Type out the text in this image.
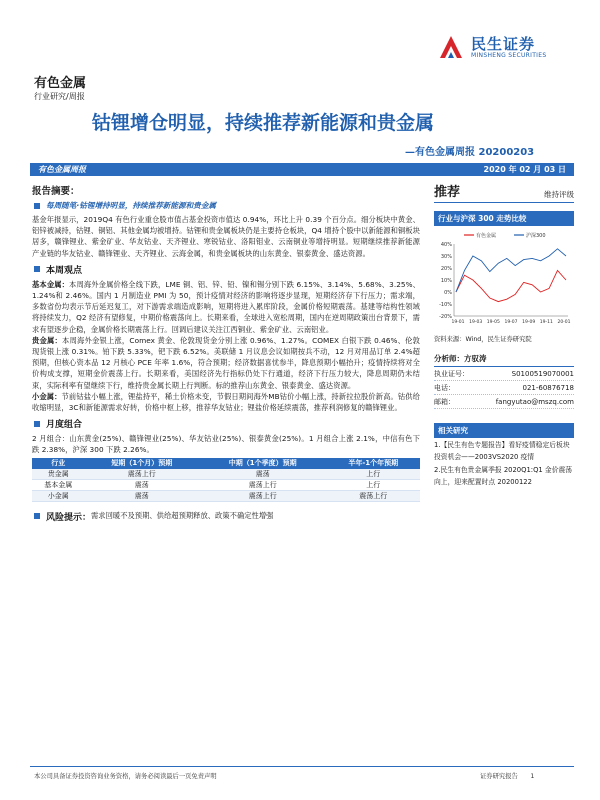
民生证券
MINSHENG SECURITIES
有色金属
行业研究/周报
钴锂增仓明显，持续推荐新能源和贵金属
—有色金属周报 20200203
有色金属周报	2020 年 02 月 03 日
报告摘要：
每周随笔·钴锂增持明显，持续推荐新能源和贵金属

基金年报显示，2019Q4 有色行业重仓股市值占基金投资市值达 0.94%，环比上升 0.39 个百分点。细分板块中黄金、铝锌被减持，钴锂、铜铝、其他金属均被增持。钴锂和贵金属板块仍是主要持仓板块，Q4 增持个股中以新能源和铜板块居多，赣锋锂业、紫金矿业、华友钴业、天齐锂业、寒锐钴业、洛阳钼业、云南铜业等增持明显。短期继续推荐新能源产业链的华友钴业、赣锋锂业、天齐锂业、云海金属，和贵金属板块的山东黄金、银泰黄金、盛达资源。

本周观点

基本金属：本周海外金属价格全线下跌，LME 铜、铝、锌、铅、镍和锡分别下跌 6.15%、3.14%、5.68%、3.25%、1.24%和 2.46%。国内 1 月制造业 PMI 为 50，预计疫情对经济的影响将逐步显现，短期经济存下行压力；需求端，多数省份均表示节后延迟复工，对下游需求端造成影响，短期将进入累库阶段，金属价格短期震荡。基建等结构性领域将持续发力，Q2 经济有望修复，中期价格震荡向上。长期来看，全球进入宽松周期，国内在逆周期政策出台背景下，需求有望逐步企稳，金属价格长期震荡上行。回调后建议关注江西铜业、紫金矿业、云南铝业。

贵金属：本周海外金银上涨，Comex 黄金、伦敦现货金分别上涨 0.96%、1.27%。COMEX 白银下跌 0.46%、伦敦现货银上涨 0.31%。铂下跌 5.33%，钯下跌 6.52%。美联储 1 月议息会议如期按兵不动，12 月对用品订单 2.4%超预期，但核心资本品 12 月核心 PCE 年率 1.6%，符合预期；经济数据喜忧参半，降息预期小幅抬升；疫情持续将对全价构成支撑，短期金价震荡上行。长期来看，美国经济先行指标仍处下行通道，经济下行压力较大，降息周期仍未结束，实际利率有望继续下行，维持贵金属长期上行判断。标的推荐山东黄金、银泰黄金、盛达资源。

小金属：节前钴盐小幅上涨，锂盐持平，稀土价格未变，节假日期间海外MB钴价小幅上涨，持新拉拉股价新高。钴供给收缩明显，3C和新能源需求好转，价格中枢上移，推荐华友钴业；锂盐价格延续震荡，推荐利润修复的赣锋锂业。

月度组合

2 月组合：山东黄金(25%)、赣锋锂业(25%)、华友钴业(25%)、银泰黄金(25%)。1 月组合上涨 2.1%，中信有色下跌 2.38%，沪深 300 下跌 2.26%。

行业	短期（1个月）预期	中期（1个季度）预期	半年-1个年预期
贵金属	震荡上行	震荡	上行
基本金属	震荡	震荡上行	上行
小金属	震荡	震荡上行	震荡上行
风险提示： 需求回暖不及预期、供给超预期释放、政策不确定性增强
推荐	维持评级
行业与沪深 300 走势比较
40%
30%
20%
10%
0%
-10%
-20%
19-01 19-03 19-05 19-07 19-09 19-11 20-01
有色金属	沪深300
资料来源：Wind，民生证券研究院
分析师：方驭涛
执业证号：	S0100519070001
电话：	021-60876718
邮箱：	fangyutao@mszq.com
相关研究
1.【民生有色专题报告】看好疫情稳定后板块投资机会——2003VS2020 疫情
2.民生有色贵金属季报 2020Q1:Q1 金价震荡向上，迎来配置时点 20200122
本公司具备证券投资咨询业务资格，请务必阅读最后一页免责声明	证券研究报告　　1
